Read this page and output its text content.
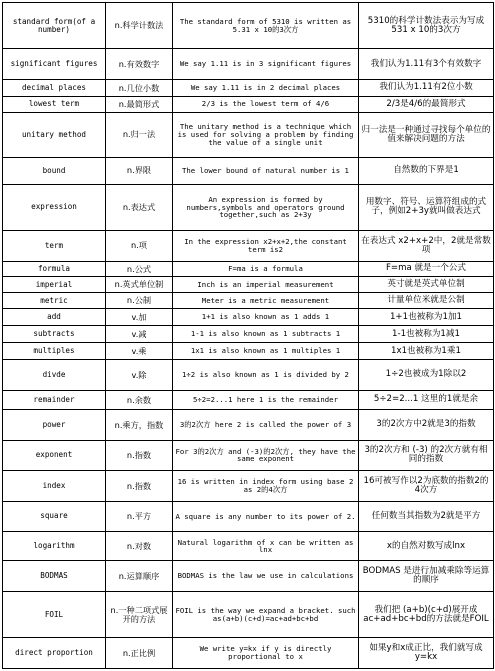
standard form(of a number)	n.科学计数法	The standard form of 5310 is written as 5.31 x 10的3次方	5310的科学计数法表示为写成531 x 10的3次方
significant figures	n.有效数字	We say 1.11 is in 3 significant figures	我们认为1.11有3个有效数字
decimal places	n.几位小数	We say 1.11 is in 2 decimal places	我们认为1.11有2位小数
lowest term	n.最简形式	2/3 is the lowest term of 4/6	2/3是4/6的最简形式
unitary method	n.归一法	The unitary method is a technique which is used for solving a problem by finding the value of a single unit	归一法是一种通过寻找每个单位的值来解决问题的方法
bound	n.界限	The lower bound of natural number is 1	自然数的下界是1
expression	n.表达式	An expression is formed by numbers,symbols and operators ground together,such as 2+3y	用数字、符号、运算符组成的式子，例如2+3y就叫做表达式
term	n.项	In the expression x2+x+2,the constant term is2	在表达式 x2+x+2中，2就是常数项
formula	n.公式	F=ma is a formula	F=ma 就是一个公式
imperial	n.英式单位制	Inch is an imperial measurement	英寸就是英式单位制
metric	n.公制	Meter is a metric measurement	计量单位米就是公制
add	v.加	1+1 is also known as 1 adds 1	1+1也被称为1加1
subtracts	v.减	1-1 is also known as 1 subtracts 1	1-1也被称为1减1
multiples	v.乘	1x1 is also known as 1 multiples 1	1x1也被称为1乘1
divde	v.除	1÷2 is also known as 1 is divided by 2	1÷2也被成为1除以2
remainder	n.余数	5÷2=2...1 here 1 is the remainder	5÷2=2...1 这里的1就是余
power	n.乘方，指数	3的2次方 here 2 is called the power of 3	3的2次方中2就是3的指数
exponent	n.指数	For 3的2次方 and (-3)的2次方, they have the same exponent	3的2次方和 (-3) 的2次方就有相同的指数
index	n.指数	16 is written in index form using base 2 as 2的4次方	16可被写作以2为底数的指数2的4次方
square	n.平方	A square is any number to its power of 2.	任何数当其指数为2就是平方
logarithm	n.对数	Natural logarithm of x can be written as lnx	x的自然对数写成lnx
BODMAS	n.运算顺序	BODMAS is the law we use in calculations	BODMAS 是进行加减乘除等运算的顺序
FOIL	n.一种二项式展开的方法	FOIL is the way we expand a bracket. such as(a+b)(c+d)=ac+ad+bc+bd	我们把 (a+b)(c+d)展开成ac+ad+bc+bd的方法就是FOIL
direct proportion	n.正比例	We write y=kx if y is directly proportional to x	如果y和x成正比，我们就写成y=kx
